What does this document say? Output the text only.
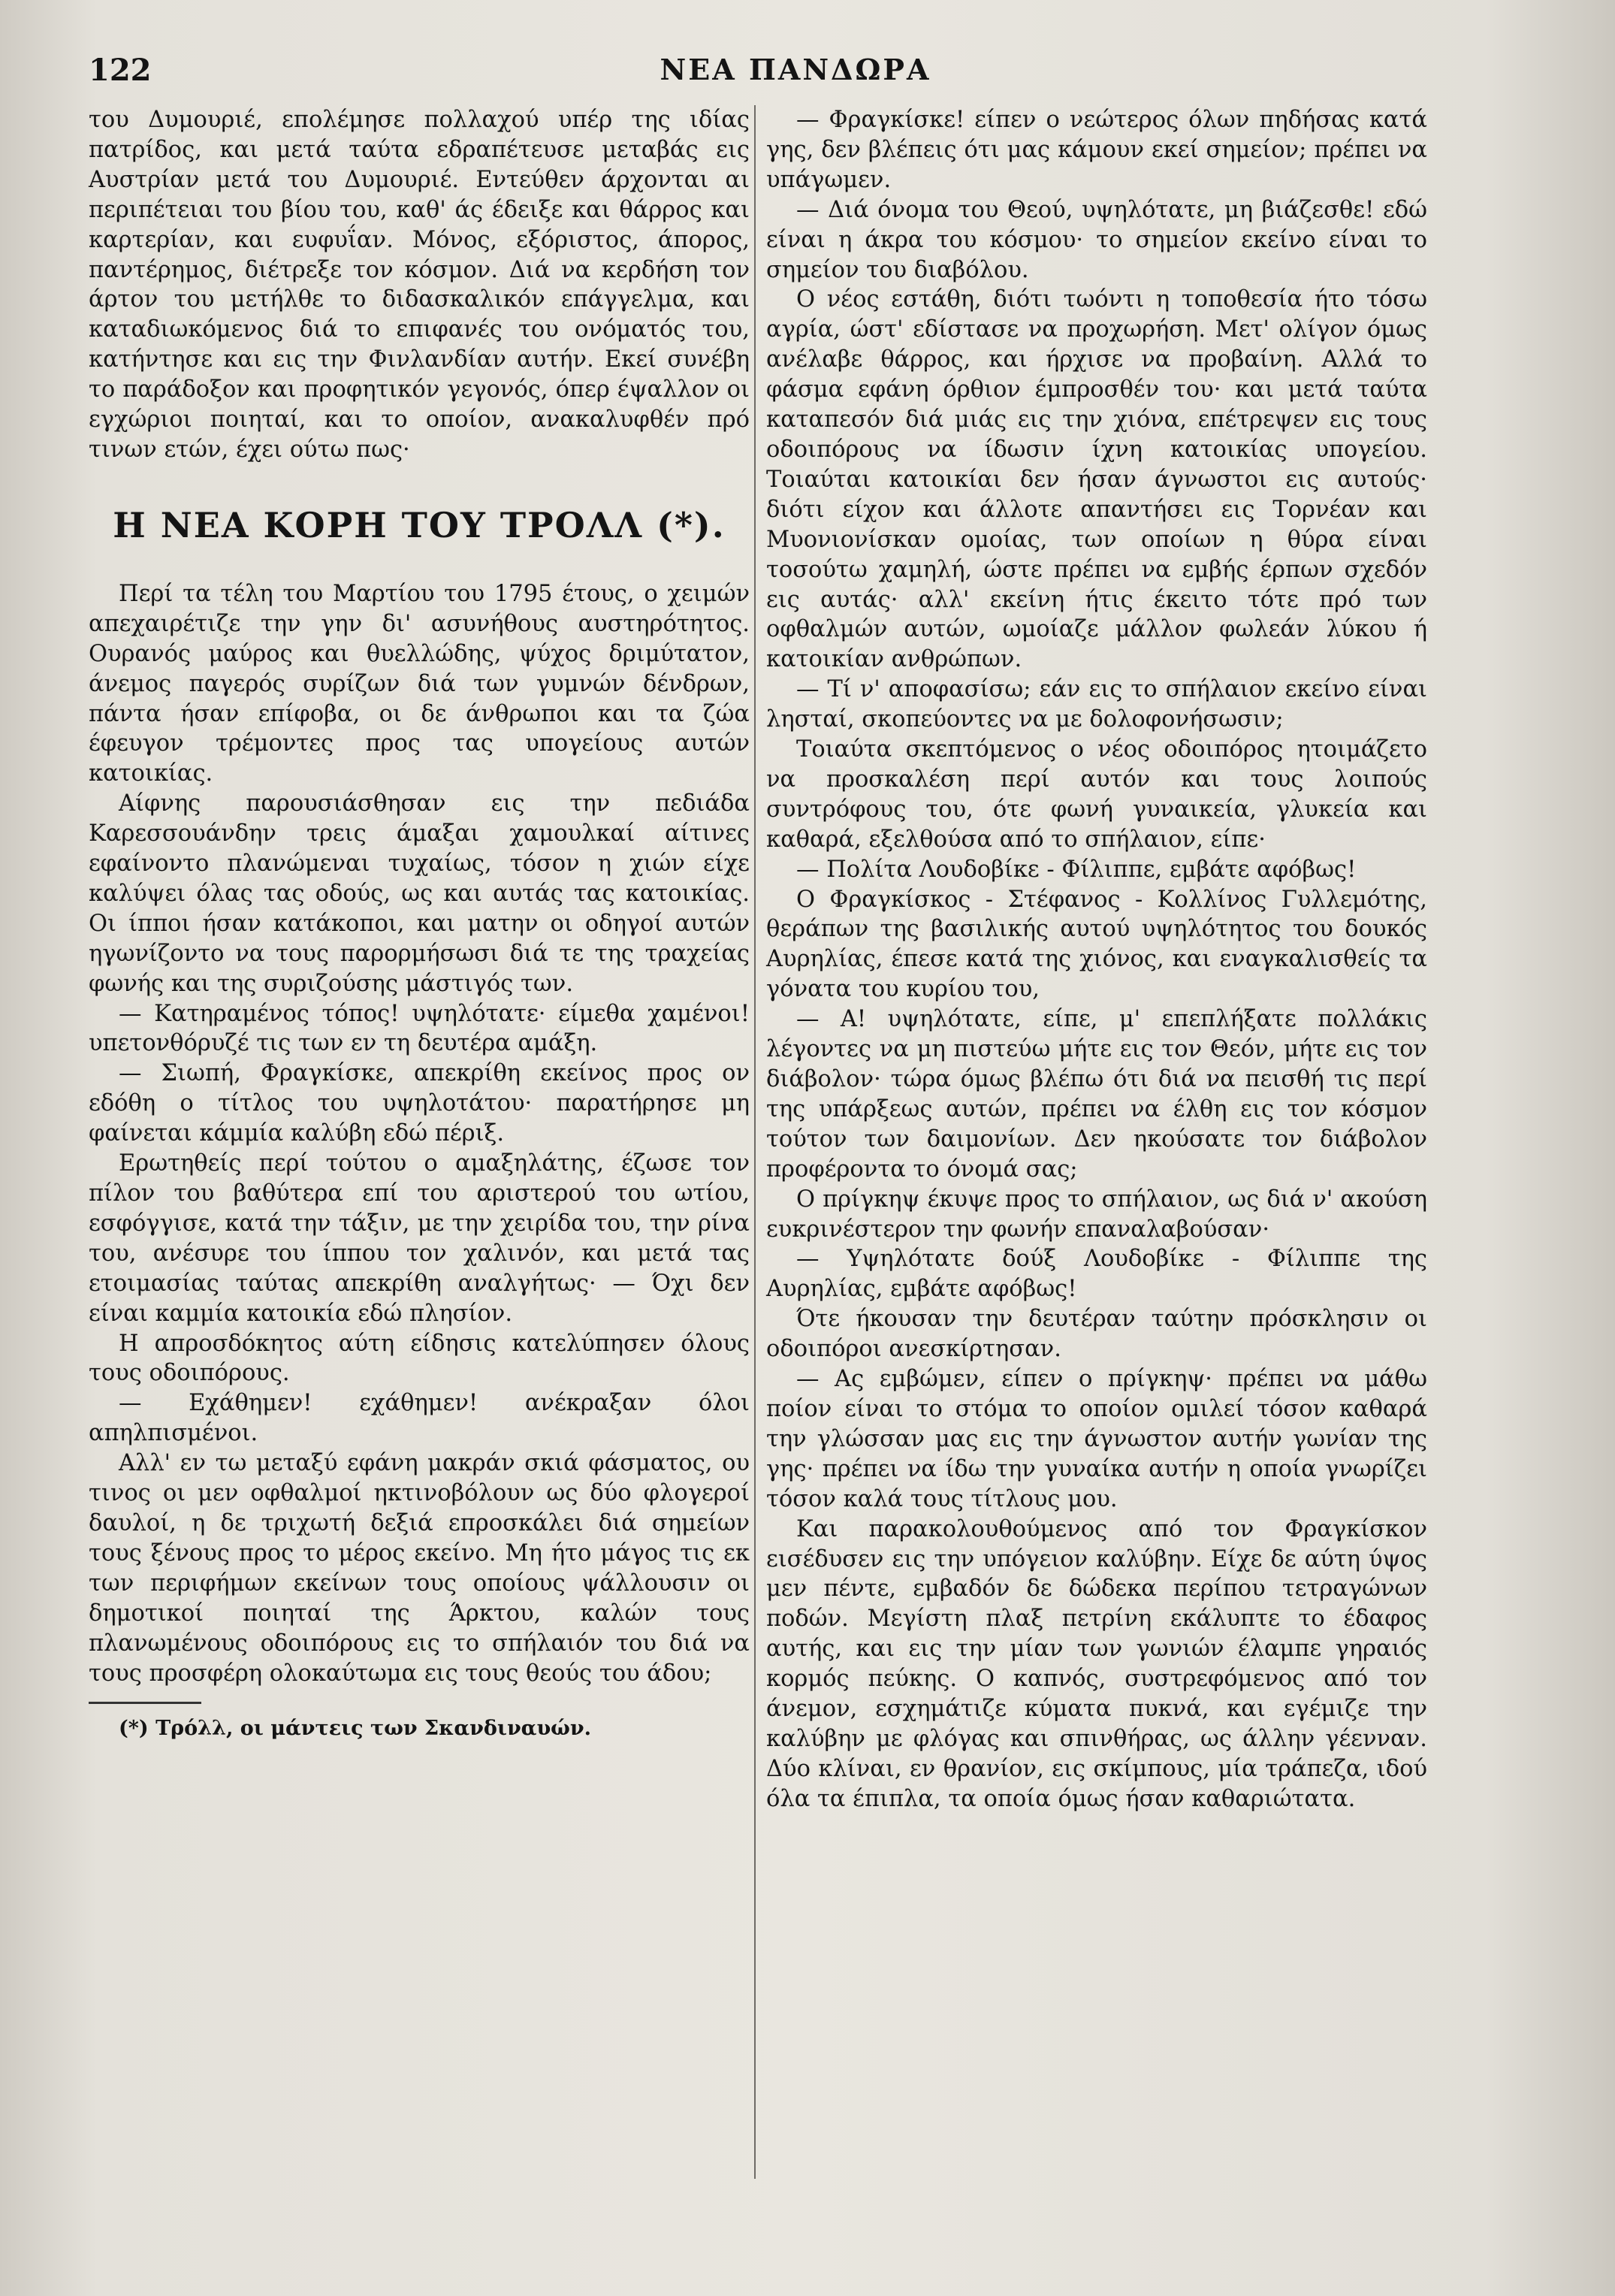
122	ΝΕΑ ΠΑΝΔΩΡΑ

του Δυμουριέ, επολέμησε πολλαχού υπέρ της ιδίας πατρίδος, και μετά ταύτα εδραπέτευσε μεταβάς εις Αυστρίαν μετά του Δυμουριέ. Εντεύθεν άρχονται αι περιπέτειαι του βίου του, καθ' άς έδειξε και θάρρος και καρτερίαν, και ευφυΐαν. Μόνος, εξόριστος, άπορος, παντέρημος, διέτρεξε τον κόσμον. Διά να κερδήση τον άρτον του μετήλθε το διδασκαλικόν επάγγελμα, και καταδιωκόμενος διά το επιφανές του ονόματός του, κατήντησε και εις την Φινλανδίαν αυτήν. Εκεί συνέβη το παράδοξον και προφητικόν γεγονός, όπερ έψαλλον οι εγχώριοι ποιηταί, και το οποίον, ανακαλυφθέν πρό τινων ετών, έχει ούτω πως·

Η ΝΕΑ ΚΟΡΗ ΤΟΥ ΤΡΟΛΛ (*).

Περί τα τέλη του Μαρτίου του 1795 έτους, ο χειμών απεχαιρέτιζε την γην δι' ασυνήθους αυστηρότητος. Ουρανός μαύρος και θυελλώδης, ψύχος δριμύτατον, άνεμος παγερός συρίζων διά των γυμνών δένδρων, πάντα ήσαν επίφοβα, οι δε άνθρωποι και τα ζώα έφευγον τρέμοντες προς τας υπογείους αυτών κατοικίας.

Αίφνης παρουσιάσθησαν εις την πεδιάδα Καρεσσουάνδην τρεις άμαξαι χαμουλκαί αίτινες εφαίνοντο πλανώμεναι τυχαίως, τόσον η χιών είχε καλύψει όλας τας οδούς, ως και αυτάς τας κατοικίας. Οι ίπποι ήσαν κατάκοποι, και ματην οι οδηγοί αυτών ηγωνίζοντο να τους παρορμήσωσι διά τε της τραχείας φωνής και της συριζούσης μάστιγός των.

— Κατηραμένος τόπος! υψηλότατε· είμεθα χαμένοι! υπετονθόρυζέ τις των εν τη δευτέρα αμάξη.

— Σιωπή, Φραγκίσκε, απεκρίθη εκείνος προς ον εδόθη ο τίτλος του υψηλοτάτου· παρατήρησε μη φαίνεται κάμμία καλύβη εδώ πέριξ.

Ερωτηθείς περί τούτου ο αμαξηλάτης, έζωσε τον πίλον του βαθύτερα επί του αριστερού του ωτίου, εσφόγγισε, κατά την τάξιν, με την χειρίδα του, την ρίνα του, ανέσυρε του ίππου τον χαλινόν, και μετά τας ετοιμασίας ταύτας απεκρίθη αναλγήτως· — Όχι δεν είναι καμμία κατοικία εδώ πλησίον.

Η απροσδόκητος αύτη είδησις κατελύπησεν όλους τους οδοιπόρους.

— Εχάθημεν! εχάθημεν! ανέκραξαν όλοι απηλπισμένοι.

Αλλ' εν τω μεταξύ εφάνη μακράν σκιά φάσματος, ου τινος οι μεν οφθαλμοί ηκτινοβόλουν ως δύο φλογεροί δαυλοί, η δε τριχωτή δεξιά επροσκάλει διά σημείων τους ξένους προς το μέρος εκείνο. Μη ήτο μάγος τις εκ των περιφήμων εκείνων τους οποίους ψάλλουσιν οι δημοτικοί ποιηταί της Άρκτου, καλών τους πλανωμένους οδοιπόρους εις το σπήλαιόν του διά να τους προσφέρη ολοκαύτωμα εις τους θεούς του άδου;

(*) Τρόλλ, οι μάντεις των Σκανδιναυών.

— Φραγκίσκε! είπεν ο νεώτερος όλων πηδήσας κατά γης, δεν βλέπεις ότι μας κάμουν εκεί σημείον; πρέπει να υπάγωμεν.

— Διά όνομα του Θεού, υψηλότατε, μη βιάζεσθε! εδώ είναι η άκρα του κόσμου· το σημείον εκείνο είναι το σημείον του διαβόλου.

Ο νέος εστάθη, διότι τωόντι η τοποθεσία ήτο τόσω αγρία, ώστ' εδίστασε να προχωρήση. Μετ' ολίγον όμως ανέλαβε θάρρος, και ήρχισε να προβαίνη. Αλλά το φάσμα εφάνη όρθιον έμπροσθέν του· και μετά ταύτα καταπεσόν διά μιάς εις την χιόνα, επέτρεψεν εις τους οδοιπόρους να ίδωσιν ίχνη κατοικίας υπογείου. Τοιαύται κατοικίαι δεν ήσαν άγνωστοι εις αυτούς· διότι είχον και άλλοτε απαντήσει εις Τορνέαν και Μυονιονίσκαν ομοίας, των οποίων η θύρα είναι τοσούτω χαμηλή, ώστε πρέπει να εμβής έρπων σχεδόν εις αυτάς· αλλ' εκείνη ήτις έκειτο τότε πρό των οφθαλμών αυτών, ωμοίαζε μάλλον φωλεάν λύκου ή κατοικίαν ανθρώπων.

— Τί ν' αποφασίσω; εάν εις το σπήλαιον εκείνο είναι λησταί, σκοπεύοντες να με δολοφονήσωσιν;

Τοιαύτα σκεπτόμενος ο νέος οδοιπόρος ητοιμάζετο να προσκαλέση περί αυτόν και τους λοιπούς συντρόφους του, ότε φωνή γυναικεία, γλυκεία και καθαρά, εξελθούσα από το σπήλαιον, είπε·

— Πολίτα Λουδοβίκε - Φίλιππε, εμβάτε αφόβως!

Ο Φραγκίσκος - Στέφανος - Κολλίνος Γυλλεμότης, θεράπων της βασιλικής αυτού υψηλότητος του δουκός Αυρηλίας, έπεσε κατά της χιόνος, και εναγκαλισθείς τα γόνατα του κυρίου του,

— Α! υψηλότατε, είπε, μ' επεπλήξατε πολλάκις λέγοντες να μη πιστεύω μήτε εις τον Θεόν, μήτε εις τον διάβολον· τώρα όμως βλέπω ότι διά να πεισθή τις περί της υπάρξεως αυτών, πρέπει να έλθη εις τον κόσμον τούτον των δαιμονίων. Δεν ηκούσατε τον διάβολον προφέροντα το όνομά σας;

Ο πρίγκηψ έκυψε προς το σπήλαιον, ως διά ν' ακούση ευκρινέστερον την φωνήν επαναλαβούσαν·

— Υψηλότατε δούξ Λουδοβίκε - Φίλιππε της Αυρηλίας, εμβάτε αφόβως!

Ότε ήκουσαν την δευτέραν ταύτην πρόσκλησιν οι οδοιπόροι ανεσκίρτησαν.

— Ας εμβώμεν, είπεν ο πρίγκηψ· πρέπει να μάθω ποίον είναι το στόμα το οποίον ομιλεί τόσον καθαρά την γλώσσαν μας εις την άγνωστον αυτήν γωνίαν της γης· πρέπει να ίδω την γυναίκα αυτήν η οποία γνωρίζει τόσον καλά τους τίτλους μου.

Και παρακολουθούμενος από τον Φραγκίσκον εισέδυσεν εις την υπόγειον καλύβην. Είχε δε αύτη ύψος μεν πέντε, εμβαδόν δε δώδεκα περίπου τετραγώνων ποδών. Μεγίστη πλαξ πετρίνη εκάλυπτε το έδαφος αυτής, και εις την μίαν των γωνιών έλαμπε γηραιός κορμός πεύκης. Ο καπνός, συστρεφόμενος από τον άνεμον, εσχημάτιζε κύματα πυκνά, και εγέμιζε την καλύβην με φλόγας και σπινθήρας, ως άλλην γέενναν. Δύο κλίναι, εν θρανίον, εις σκίμπους, μία τράπεζα, ιδού όλα τα έπιπλα, τα οποία όμως ήσαν καθαριώτατα.
